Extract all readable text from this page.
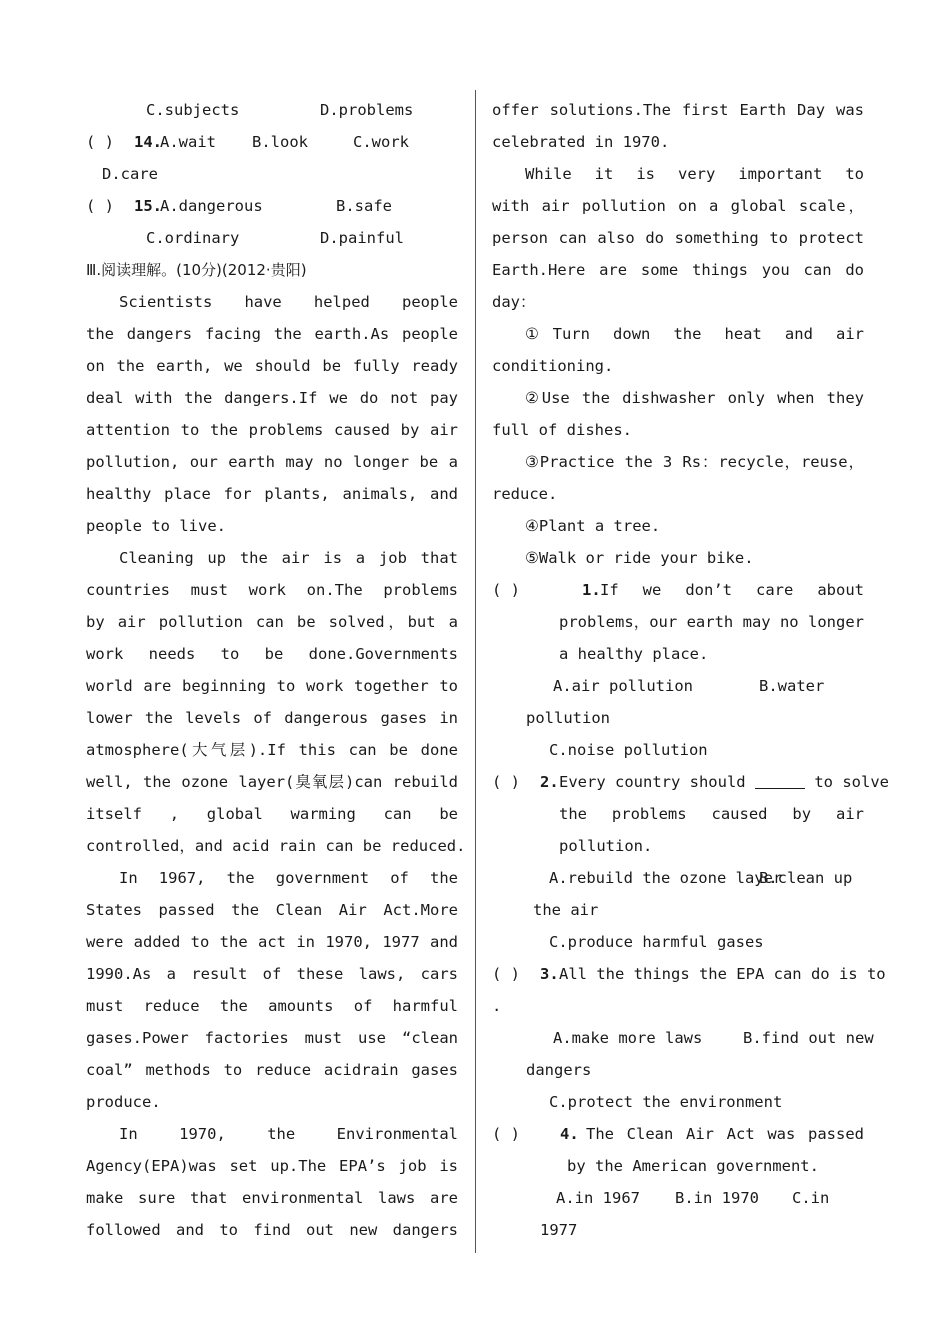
C.subjects	D.problems
( ) 14.
A.wait B.look	C.work
D.care
( ) 15.
A.dangerous	B.safe
C.ordinary	D.painful
Ⅲ.阅读理解。(10分)(2012·贵阳)
Scientists have helped people
the dangers facing the earth.As people
on the earth, we should be fully ready
deal with the dangers.If we do not pay
attention to the problems caused by air
pollution, our earth may no longer be a
healthy place for plants, animals, and
people to live.
Cleaning up the air is a job that
countries must work on.The problems
by air pollution can be solved，but a
work needs to be done.Governments
world are beginning to work together to
lower the levels of dangerous gases in
atmosphere(大气层).If this can be done
well, the ozone layer(臭氧层)can rebuild
itself , global warming can be
controlled，and acid rain can be reduced.
In 1967, the government of the
States passed the Clean Air Act.More
were added to the act in 1970, 1977 and
1990.As a result of these laws, cars
must reduce the amounts of harmful
gases.Power factories must use “clean
coal” methods to reduce acidrain gases
produce.
In 1970, the Environmental
Agency(EPA)was set up.The EPA’s job is
make sure that environmental laws are
followed and to find out new dangers
offer solutions.The first Earth Day was
celebrated in 1970.
While it is very important to
with air pollution on a global scale，
person can also do something to protect
Earth.Here are some things you can do
day：
①Turn down the heat and air
conditioning.
②Use the dishwasher only when they
full of dishes.
③Practice the 3 Rs：recycle，reuse，
reduce.
④Plant a tree.
⑤Walk or ride your bike.
( )	1. If we don’t care about
problems，our earth may no longer
a healthy place.
A.air pollution	B.water
pollution
C.noise pollution
( ) 2. Every country should	to solve
the problems caused by air
pollution.
A.rebuild the ozone layer
B.clean up
the air
C.produce harmful gases
( ) 3. All the things the EPA can do is to
.
A.make more laws	B.find out new
dangers
C.protect the environment
( )	4. The Clean Air Act was passed
by the American government.
A.in 1967 B.in 1970 C.in
1977
